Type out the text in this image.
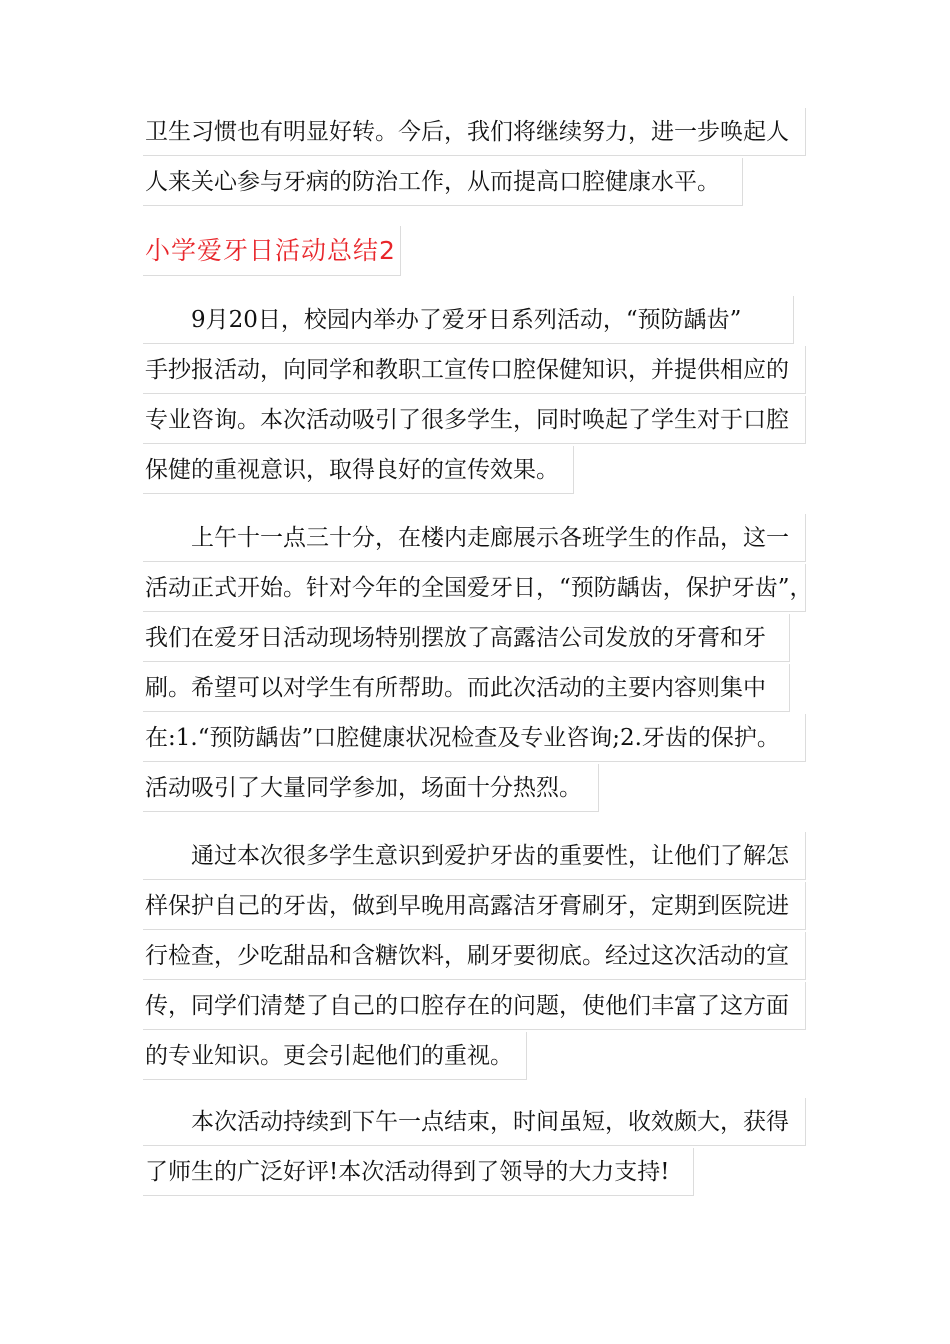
卫生习惯也有明显好转。今后，我们将继续努力，进一步唤起人
人来关心参与牙病的防治工作，从而提高口腔健康水平。
小学爱牙日活动总结2
9月20日，校园内举办了爱牙日系列活动，“预防龋齿”
手抄报活动，向同学和教职工宣传口腔保健知识，并提供相应的
专业咨询。本次活动吸引了很多学生，同时唤起了学生对于口腔
保健的重视意识，取得良好的宣传效果。
上午十一点三十分，在楼内走廊展示各班学生的作品，这一
活动正式开始。针对今年的全国爱牙日，“预防龋齿，保护牙齿”，
我们在爱牙日活动现场特别摆放了高露洁公司发放的牙膏和牙
刷。希望可以对学生有所帮助。而此次活动的主要内容则集中
在:1.“预防龋齿”口腔健康状况检查及专业咨询;2.牙齿的保护。
活动吸引了大量同学参加，场面十分热烈。
通过本次很多学生意识到爱护牙齿的重要性，让他们了解怎
样保护自己的牙齿，做到早晚用高露洁牙膏刷牙，定期到医院进
行检查，少吃甜品和含糖饮料，刷牙要彻底。经过这次活动的宣
传，同学们清楚了自己的口腔存在的问题，使他们丰富了这方面
的专业知识。更会引起他们的重视。
本次活动持续到下午一点结束，时间虽短，收效颇大，获得
了师生的广泛好评!本次活动得到了领导的大力支持!
